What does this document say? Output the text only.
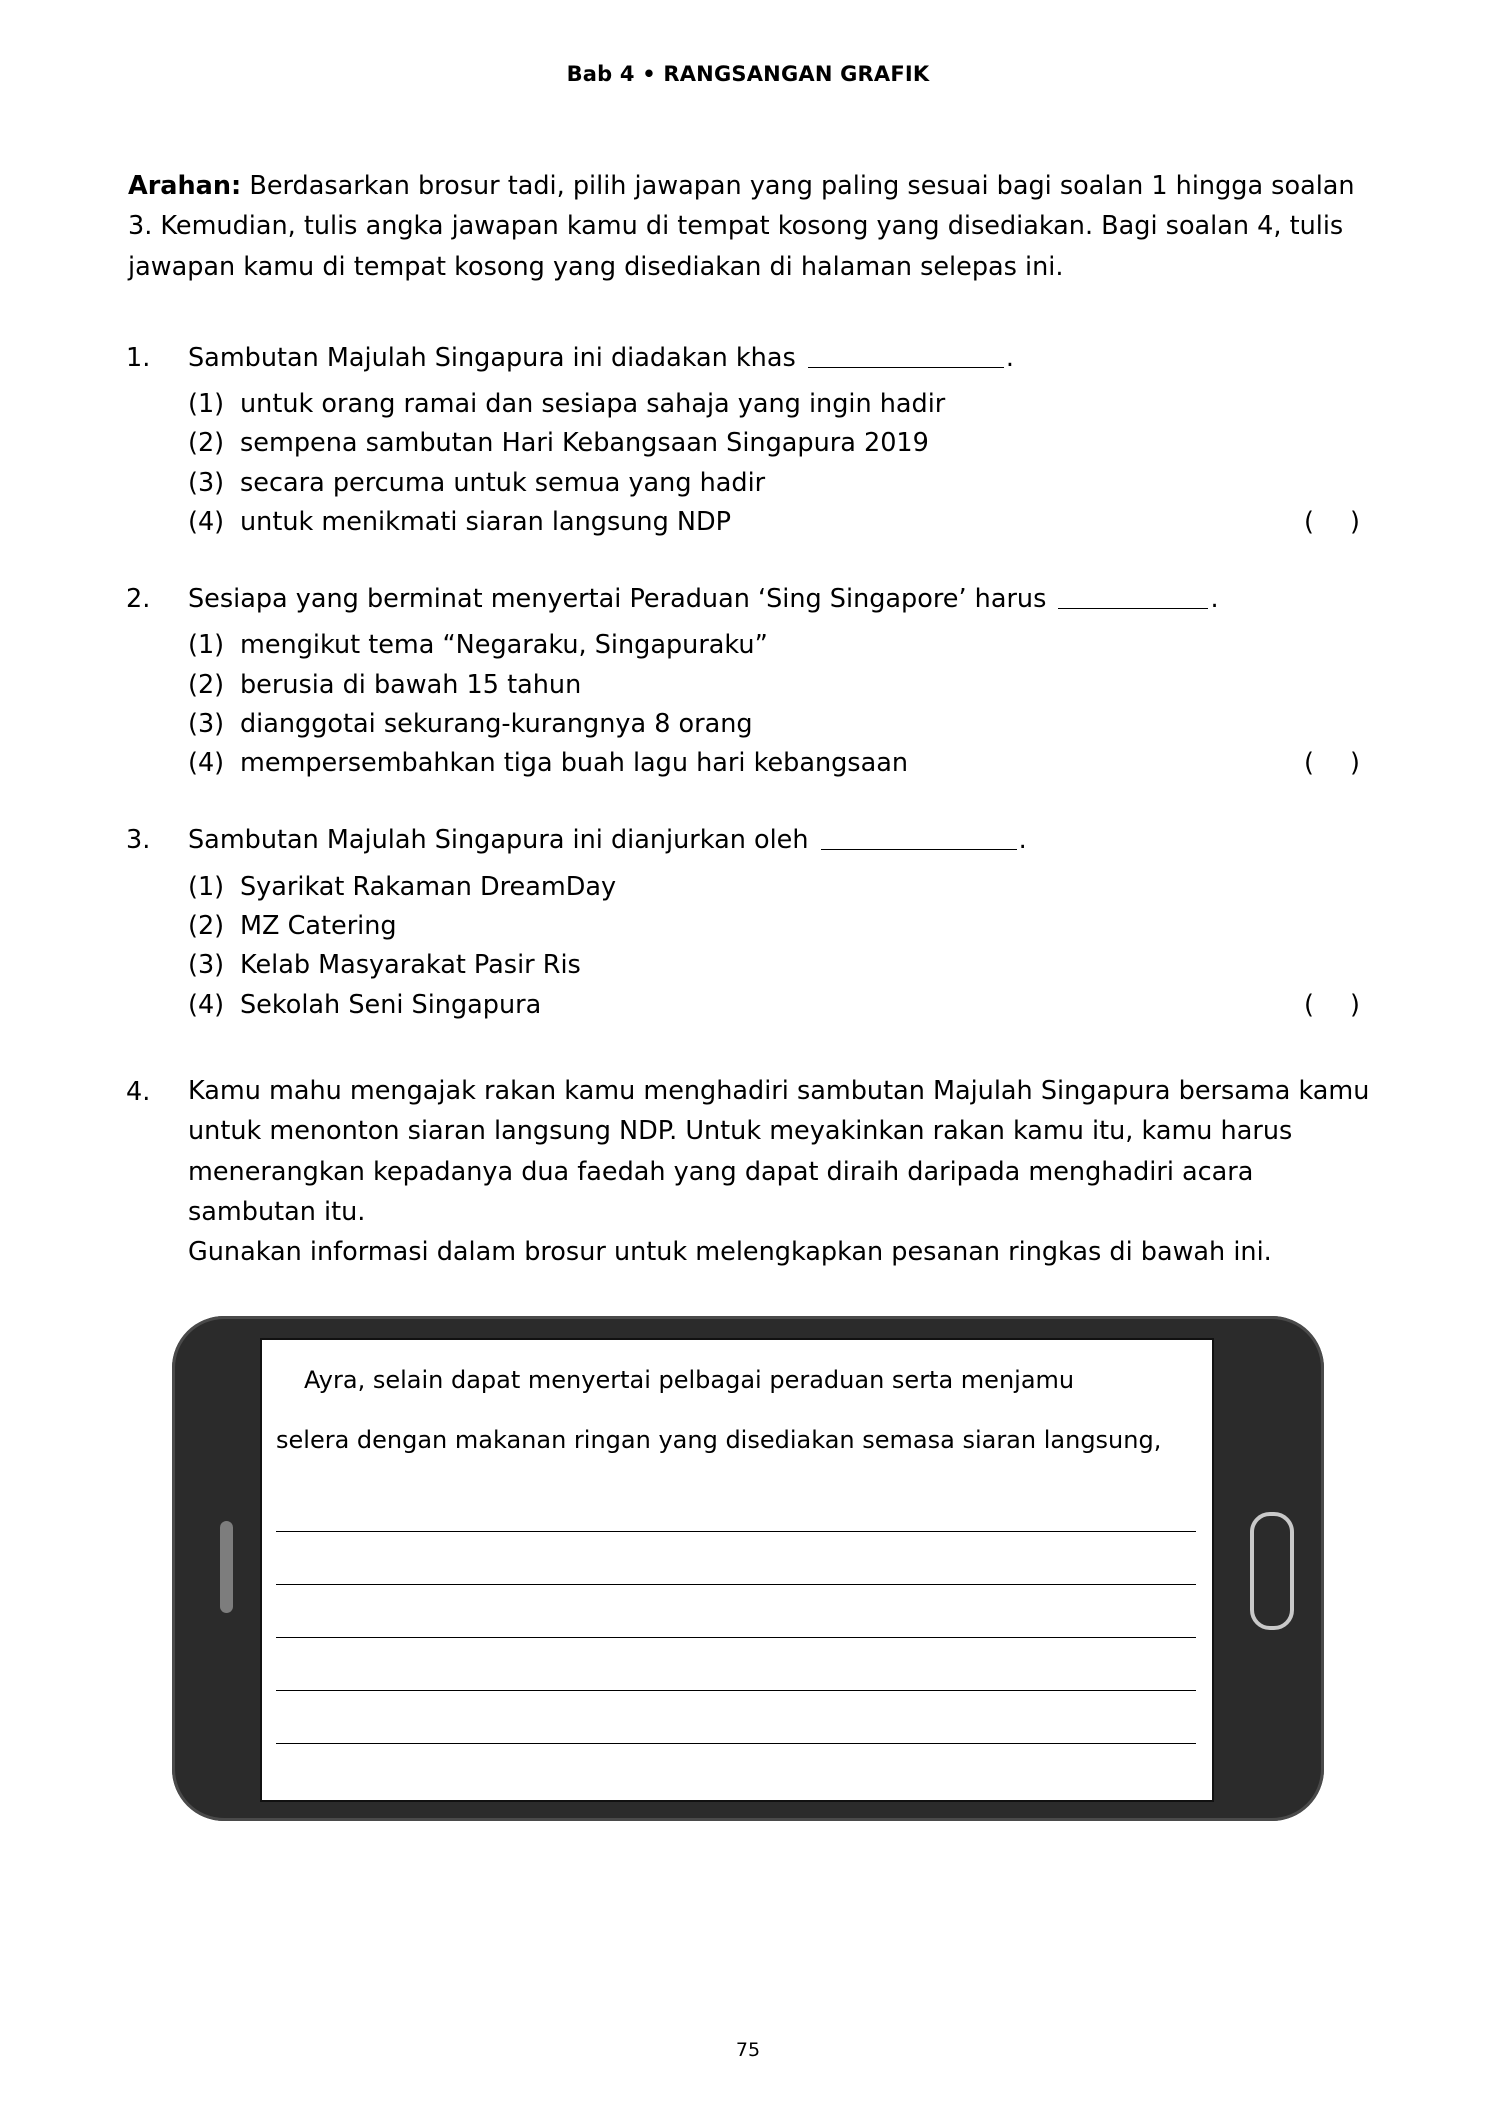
Bab 4 • RANGSANGAN GRAFIK
Arahan: Berdasarkan brosur tadi, pilih jawapan yang paling sesuai bagi soalan 1 hingga soalan 3. Kemudian, tulis angka jawapan kamu di tempat kosong yang disediakan. Bagi soalan 4, tulis jawapan kamu di tempat kosong yang disediakan di halaman selepas ini.
1.	Sambutan Majulah Singapura ini diadakan khas	.
(1) untuk orang ramai dan sesiapa sahaja yang ingin hadir
(2) sempena sambutan Hari Kebangsaan Singapura 2019
(3) secara percuma untuk semua yang hadir
(4) untuk menikmati siaran langsung NDP	( )
2.	Sesiapa yang berminat menyertai Peraduan ‘Sing Singapore’ harus	.
(1) mengikut tema “Negaraku, Singapuraku”
(2) berusia di bawah 15 tahun
(3) dianggotai sekurang-kurangnya 8 orang
(4) mempersembahkan tiga buah lagu hari kebangsaan	( )
3.	Sambutan Majulah Singapura ini dianjurkan oleh	.
(1) Syarikat Rakaman DreamDay
(2) MZ Catering
(3) Kelab Masyarakat Pasir Ris
(4) Sekolah Seni Singapura	( )
4.	Kamu mahu mengajak rakan kamu menghadiri sambutan Majulah Singapura bersama kamu untuk menonton siaran langsung NDP. Untuk meyakinkan rakan kamu itu, kamu harus menerangkan kepadanya dua faedah yang dapat diraih daripada menghadiri acara sambutan itu.
Gunakan informasi dalam brosur untuk melengkapkan pesanan ringkas di bawah ini.
Ayra, selain dapat menyertai pelbagai peraduan serta menjamu
selera dengan makanan ringan yang disediakan semasa siaran langsung,
75
